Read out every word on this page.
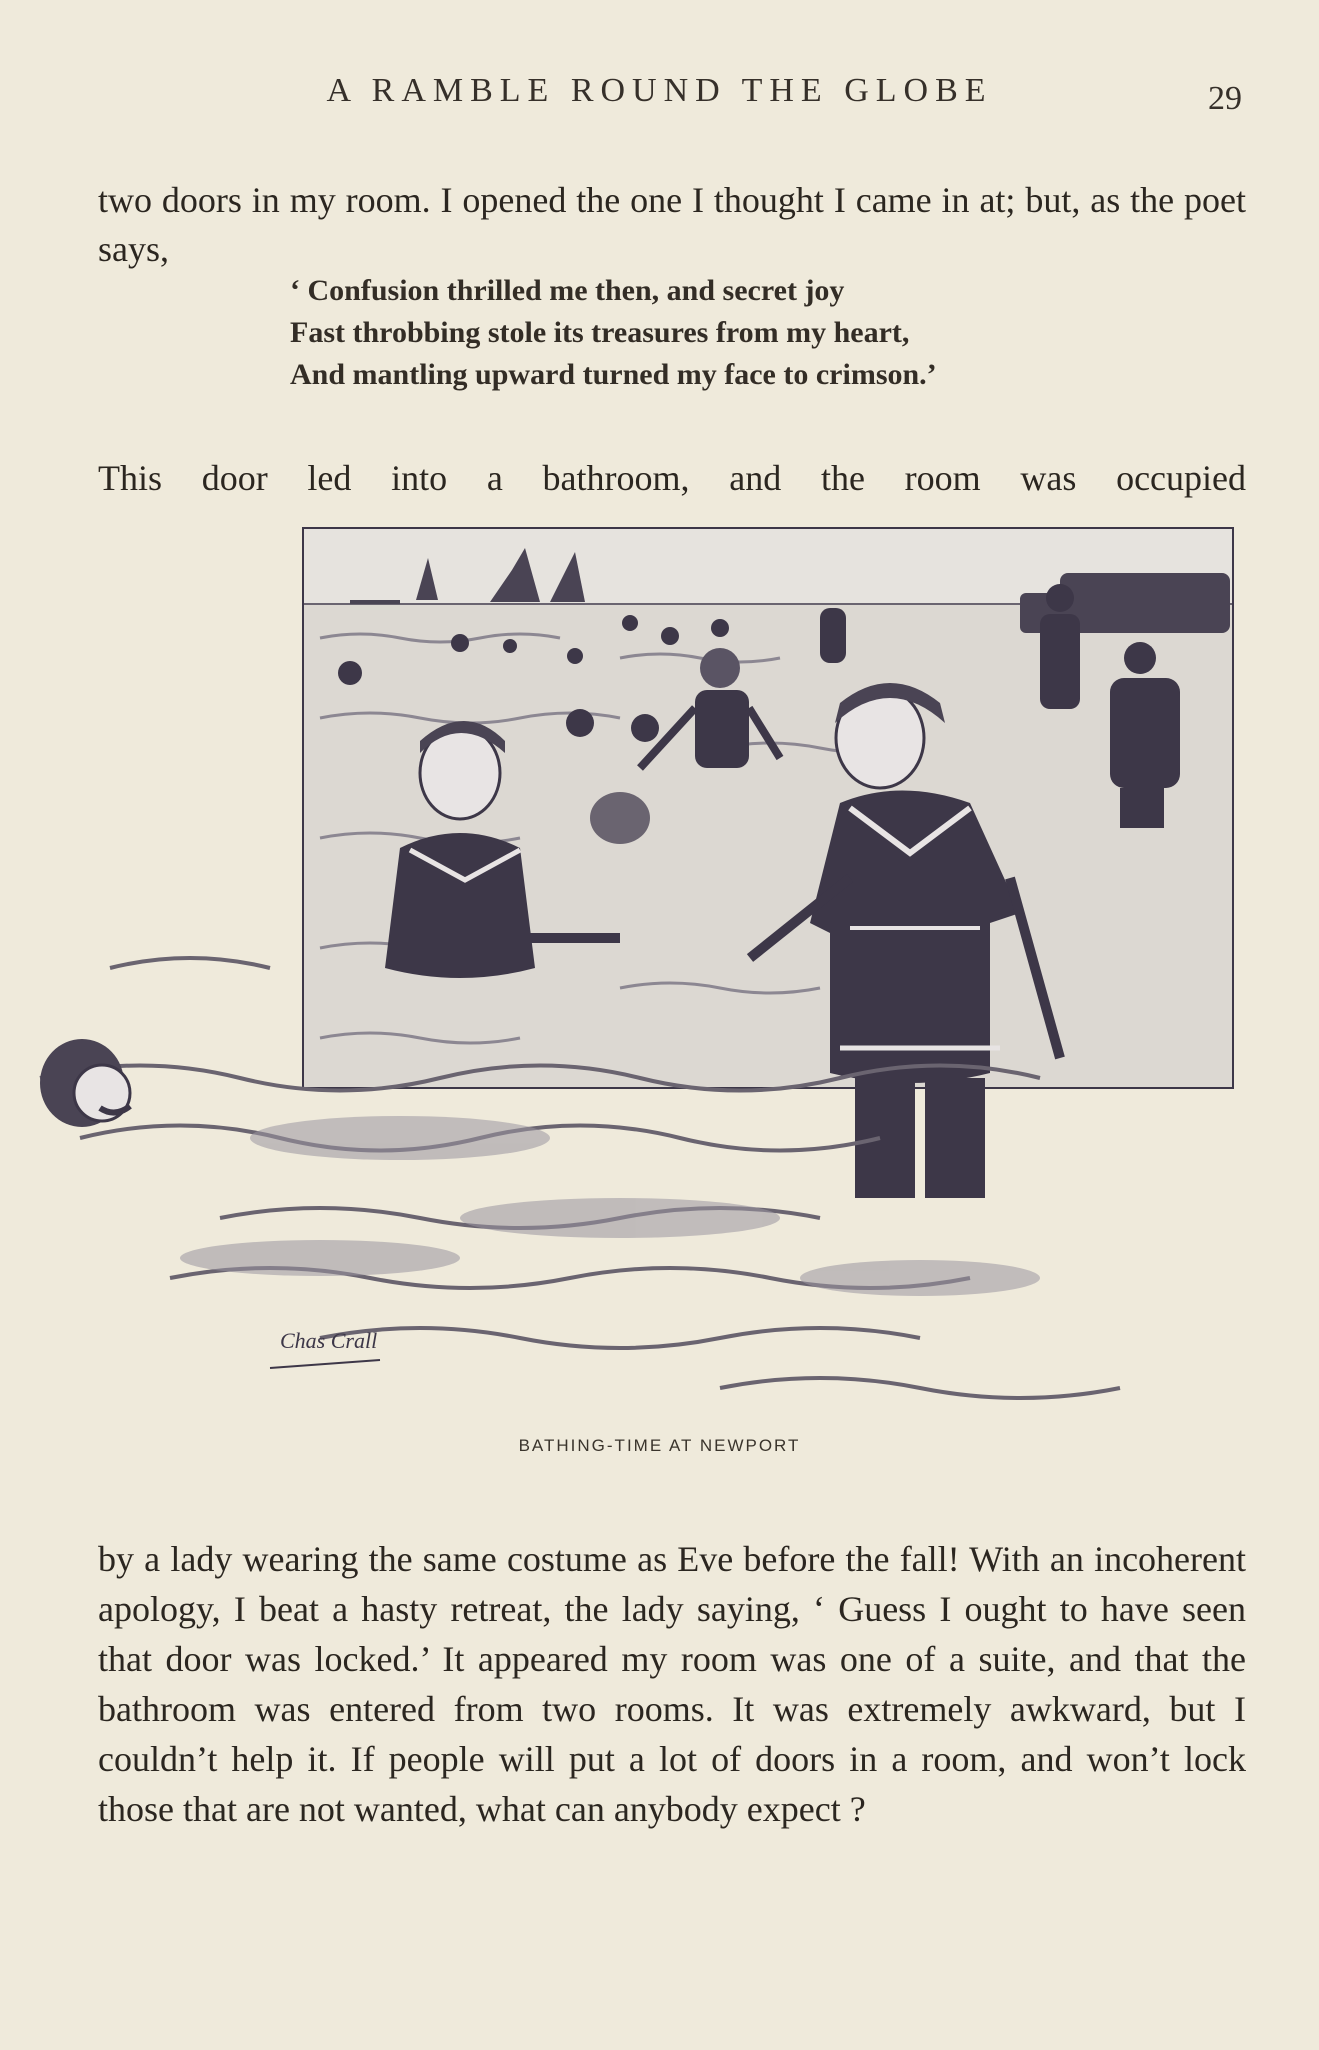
A RAMBLE ROUND THE GLOBE	29

two doors in my room. I opened the one I thought I came in at; but, as the poet says,

‘ Confusion thrilled me then, and secret joy
Fast throbbing stole its treasures from my heart,
And mantling upward turned my face to crimson.’

This door led into a bathroom, and the room was occupied

Chas Crall
BATHING-TIME AT NEWPORT

by a lady wearing the same costume as Eve before the fall! With an incoherent apology, I beat a hasty retreat, the lady saying, ‘ Guess I ought to have seen that door was locked.’ It appeared my room was one of a suite, and that the bathroom was entered from two rooms. It was extremely awkward, but I couldn’t help it. If people will put a lot of doors in a room, and won’t lock those that are not wanted, what can anybody expect ?
